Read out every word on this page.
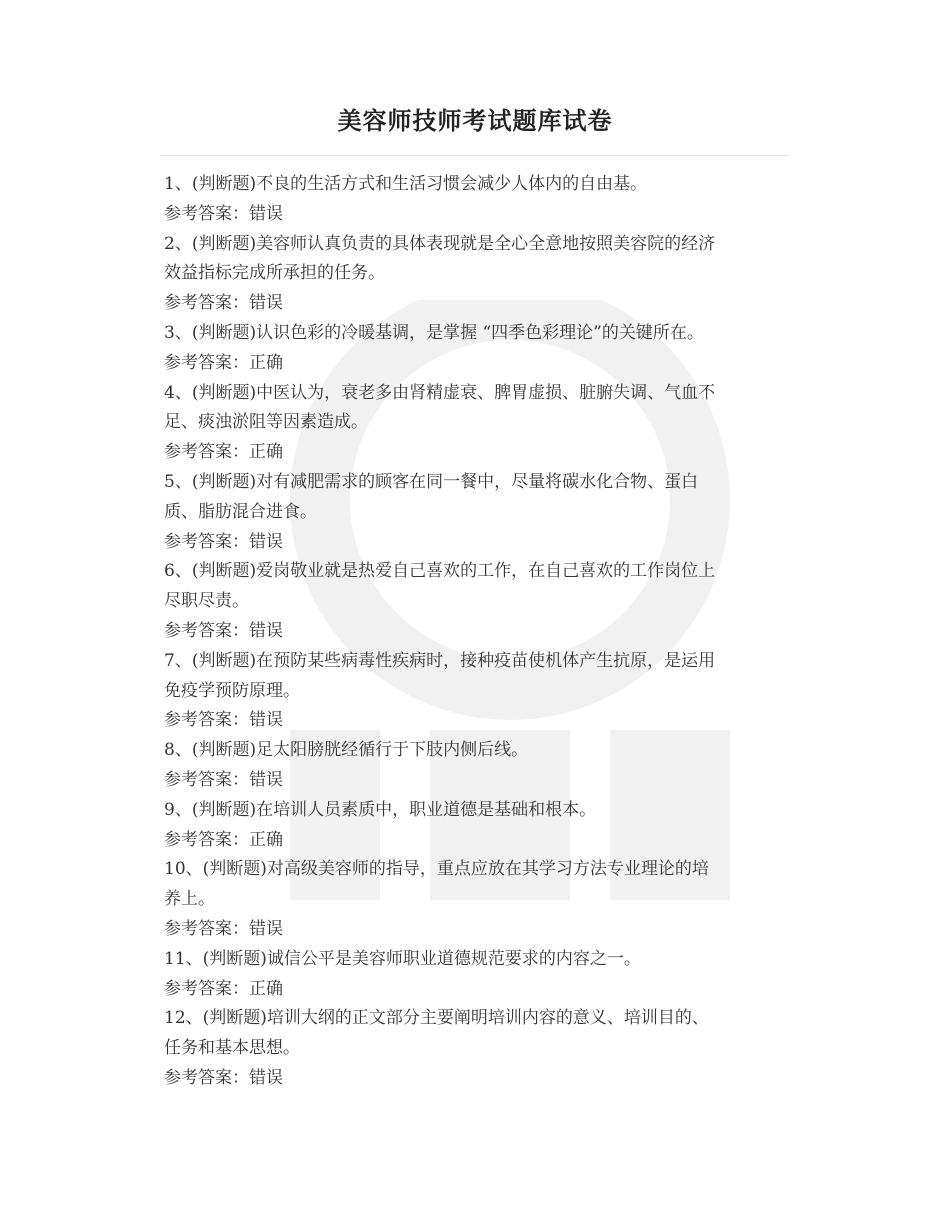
美容师技师考试题库试卷

1、(判断题)不良的生活方式和生活习惯会减少人体内的自由基。

参考答案：错误

2、(判断题)美容师认真负责的具体表现就是全心全意地按照美容院的经济

效益指标完成所承担的任务。

参考答案：错误

3、(判断题)认识色彩的冷暖基调，是掌握 “四季色彩理论”的关键所在。

参考答案：正确

4、(判断题)中医认为，衰老多由肾精虚衰、脾胃虚损、脏腑失调、气血不

足、痰浊淤阻等因素造成。

参考答案：正确

5、(判断题)对有减肥需求的顾客在同一餐中，尽量将碳水化合物、蛋白

质、脂肪混合进食。

参考答案：错误

6、(判断题)爱岗敬业就是热爱自己喜欢的工作，在自己喜欢的工作岗位上

尽职尽责。

参考答案：错误

7、(判断题)在预防某些病毒性疾病时，接种疫苗使机体产生抗原，是运用

免疫学预防原理。

参考答案：错误

8、(判断题)足太阳膀胱经循行于下肢内侧后线。

参考答案：错误

9、(判断题)在培训人员素质中，职业道德是基础和根本。

参考答案：正确

10、(判断题)对高级美容师的指导，重点应放在其学习方法专业理论的培

养上。

参考答案：错误

11、(判断题)诚信公平是美容师职业道德规范要求的内容之一。

参考答案：正确

12、(判断题)培训大纲的正文部分主要阐明培训内容的意义、培训目的、

任务和基本思想。

参考答案：错误
